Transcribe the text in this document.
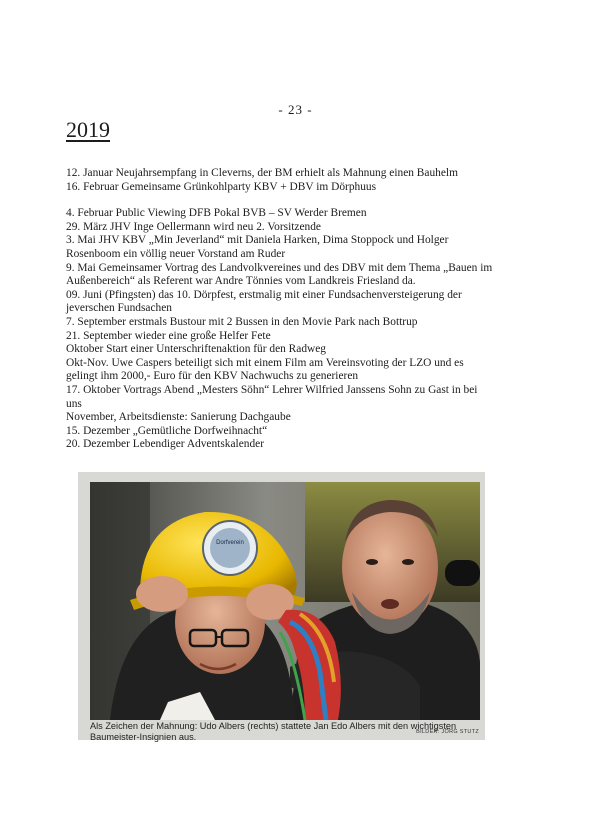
- 23 -
2019
12. Januar Neujahrsempfang in Cleverns, der BM erhielt als Mahnung einen Bauhelm
16. Februar Gemeinsame Grünkohlparty KBV + DBV im Dörphuus
4. Februar Public Viewing DFB Pokal BVB – SV Werder Bremen
29. März JHV Inge Oellermann wird neu 2. Vorsitzende
3. Mai JHV KBV „Min Jeverland“ mit Daniela Harken, Dima Stoppock und Holger
Rosenboom ein völlig neuer Vorstand am Ruder
9. Mai Gemeinsamer Vortrag des Landvolkvereines und des DBV mit dem Thema „Bauen im
Außenbereich“ als Referent war Andre Tönnies vom Landkreis Friesland da.
09. Juni (Pfingsten) das 10. Dörpfest, erstmalig mit einer Fundsachenversteigerung der
jeverschen Fundsachen
7. September erstmals Bustour mit 2 Bussen in den Movie Park nach Bottrup
21. September wieder eine große Helfer Fete
Oktober Start einer Unterschriftenaktion für den Radweg
Okt-Nov. Uwe Caspers beteiligt sich mit einem Film am Vereinsvoting der LZO und es
gelingt ihm 2000,- Euro für den KBV Nachwuchs zu generieren
17. Oktober Vortrags Abend „Mesters Söhn“ Lehrer Wilfried Janssens Sohn zu Gast in bei
uns
November, Arbeitsdienste: Sanierung Dachgaube
15. Dezember „Gemütliche Dorfweihnacht“
20. Dezember Lebendiger Adventskalender
Dorfverein
Als Zeichen der Mahnung: Udo Albers (rechts) stattete Jan Edo Albers mit den wichtigsten Baumeister-Insignien aus.	BILDER: JÖRG STUTZ
